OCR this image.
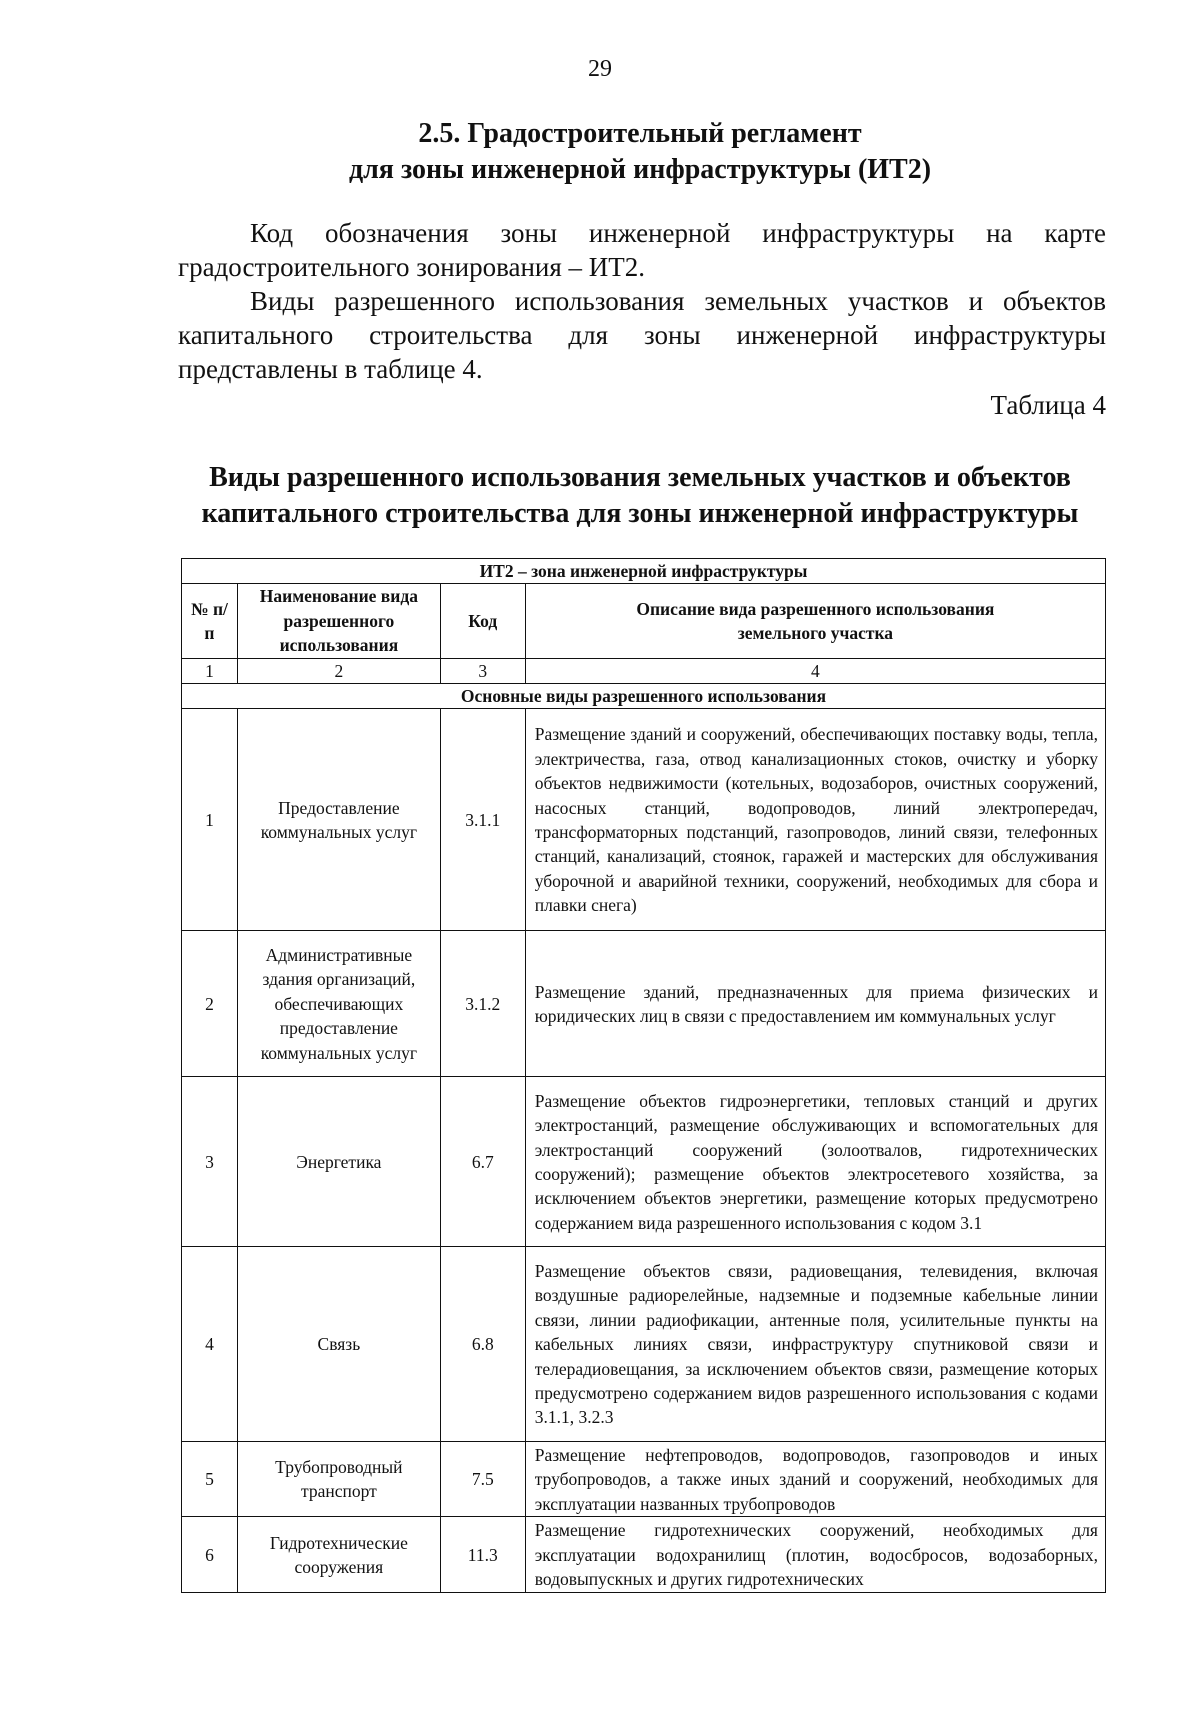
29
2.5. Градостроительный регламент
для зоны инженерной инфраструктуры (ИТ2)

Код обозначения зоны инженерной инфраструктуры на карте градостроительного зонирования – ИТ2.

Виды разрешенного использования земельных участков и объектов капитального строительства для зоны инженерной инфраструктуры представлены в таблице 4.

Таблица 4
Виды разрешенного использования земельных участков и объектов
капитального строительства для зоны инженерной инфраструктуры
ИТ2 – зона инженерной инфраструктуры			
№ п/п	Наименование вида разрешенного использования	Код	Описание вида разрешенного использования земельного участка
1	2	3	4
Основные виды разрешенного использования			
1	Предоставление коммунальных услуг	3.1.1	Размещение зданий и сооружений, обеспечивающих поставку воды, тепла, электричества, газа, отвод канализационных стоков, очистку и уборку объектов недвижимости (котельных, водозаборов, очистных сооружений, насосных станций, водопроводов, линий электропередач, трансформаторных подстанций, газопроводов, линий связи, телефонных станций, канализаций, стоянок, гаражей и мастерских для обслуживания уборочной и аварийной техники, сооружений, необходимых для сбора и плавки снега)
2	Административные здания организаций, обеспечивающих предоставление коммунальных услуг	3.1.2	Размещение зданий, предназначенных для приема физических и юридических лиц в связи с предоставлением им коммунальных услуг
3	Энергетика	6.7	Размещение объектов гидроэнергетики, тепловых станций и других электростанций, размещение обслуживающих и вспомогательных для электростанций сооружений (золоотвалов, гидротехнических сооружений); размещение объектов электросетевого хозяйства, за исключением объектов энергетики, размещение которых предусмотрено содержанием вида разрешенного использования с кодом 3.1
4	Связь	6.8	Размещение объектов связи, радиовещания, телевидения, включая воздушные радиорелейные, надземные и подземные кабельные линии связи, линии радиофикации, антенные поля, усилительные пункты на кабельных линиях связи, инфраструктуру спутниковой связи и телерадиовещания, за исключением объектов связи, размещение которых предусмотрено содержанием видов разрешенного использования с кодами 3.1.1, 3.2.3
5	Трубопроводный транспорт	7.5	Размещение нефтепроводов, водопроводов, газопроводов и иных трубопроводов, а также иных зданий и сооружений, необходимых для эксплуатации названных трубопроводов
6	Гидротехнические сооружения	11.3	Размещение гидротехнических сооружений, необходимых для эксплуатации водохранилищ (плотин, водосбросов, водозаборных, водовыпускных и других гидротехнических
